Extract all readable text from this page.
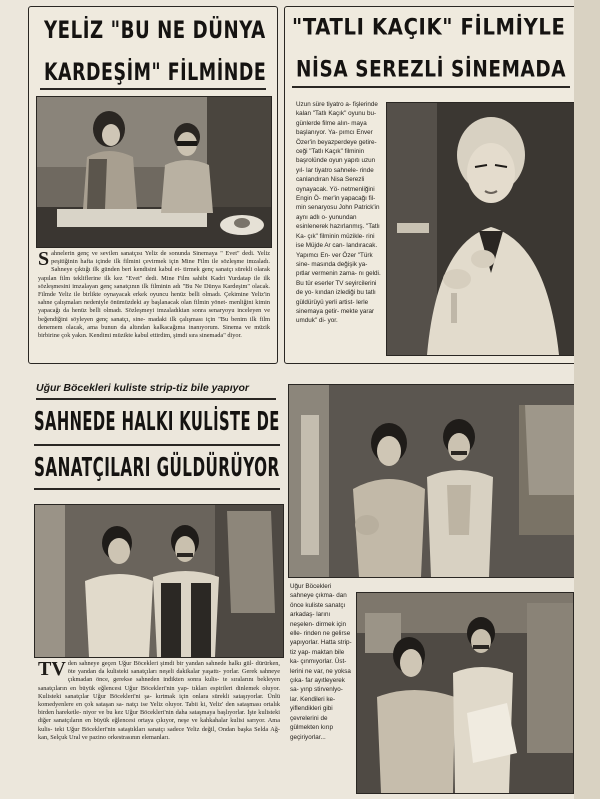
YELİZ "BU NE DÜNYA
KARDEŞİM" FİLMİNDE

Sahnelerin genç ve sevilen sanatçısı Yeliz de sonunda Sinemaya " Evet" dedi. Yeliz peşitiğinin hafta içinde ilk filmini çevirmek için Mine Film ile sözleşme imzaladı. Sahneye çıktığı ilk günden beri kendisini kabul et- tirmek genç sanatçı sürekli olarak yapılan film tekliflerine ilk kez "Evet" dedi. Mine Film sahibi Kadri Yurdatap ile ilk sözleşmesini imzalayan genç sanatçının ilk filminin adı "Bu Ne Dünya Kardeşim" olacak. Filmde Yeliz ile birlikte oynayacak erkek oyuncu henüz belli olmadı. Çekimine Yeliz'in sahne çalışmaları nedeniyle önümüzdeki ay başlanacak olan filmin yönet- menliğini kimin yapacağı da henüz belli olmadı. Sözleşmeyi imzaladıktan sonra senaryoyu inceleyen ve beğendiğini söyleyen genç sanatçı, sine- madaki ilk çalışması için "Bu benim ilk film denemem olacak, ama bunun da altından kalkacağıma inanıyorum. Sinema ve müzik birbirine çok yakın. Kendimi müzikte kabul ettirdim, şimdi sıra sinemada" diyor.

"TATLI KAÇIK" FİLMİYLE
NİSA SEREZLİ SİNEMADA

Uzun süre tiyatro a- fişlerinde kalan "Tatlı Kaçık" oyunu bu- günlerde filme alın- maya başlanıyor. Ya- pımcı Enver Özer'in beyazperdeye getire- ceği "Tatlı Kaçık" filminin başrolünde oyun yapıtı uzun yıl- lar tiyatro sahnele- rinde canlandıran Nisa Serezli oynayacak. Yö- netmenliğini Engin Ö- mer'in yapacağı fil- min senaryosu John Patrick'in aynı adlı o- yunundan esinlenerek hazırlanmış. "Tatlı Ka- çık" filminin müzikle- rini ise Müjde Ar can- landıracak. Yapımcı En- ver Özer "Türk sine- masında değişik ya- pıtlar vermenin zama- nı geldi. Bu tür eserler TV seyircilerini de yo- kından izlediği bu tatlı güldürüyü yerli artist- lerle sinemaya getir- mekte yarar umduk" di- yor.

Uğur Böcekleri kuliste strip-tiz bile yapıyor
SAHNEDE HALKI KULİSTE DE
SANATÇILARI GÜLDÜRÜYOR

TV den sahneye geçen Uğur Böcekleri şimdi bir yandan sahnede halkı gül- dürürken, öte yandan da kulisteki sanatçıları neşeli dakikalar yaşattı- yorlar. Gerek sahneye çıkmadan önce, gerekse sahneden indikten sonra kulis- te sıralarını bekleyen sanatçıların en büyük eğlencesi Uğur Böcekleri'nin yap- tıkları espirileri dinlemek oluyor. Kulisteki sanatçılar Uğur Böcekleri'ni şa- kırtmak için onlara sürekli sataşıyorlar. Ünlü komedyenlere en çok sataşan sa- natçı ise Yeliz oluyor. Tabii ki, Yeliz' den sataşması ortalık birden hareketle- niyor ve bu kez Uğur Böcekleri'nin daha sataşmaya başlıyorlar. İşte kulisteki diğer sanatçıların en büyük eğlencesi ortaya çıkıyor, neşe ve kahkahalar kulisi sarıyor. Ama kulis- teki Uğur Böcekleri'nin sataştıkları sanatçı sadece Yeliz değil, Ondan başka Selda Ağ- kan, Selçuk Ural ve pazino orkestrasının elemanları.

Uğur Böcekleri sahneye çıkma- dan önce kuliste sanatçı arkadaş- larını neşelen- dirmek için elle- rinden ne gelirse yapıyorlar. Hatta strip-tiz yap- maktan bile ka- çınmıyorlar. Üst- lerini ne var, ne yoksa çıka- far ayıtleyerek sa- yınp stirvenlyo- lar. Kendileri ke- yiflendikleri gibi çevrelerini de gülmekten kırıp geçiriyorlar...
